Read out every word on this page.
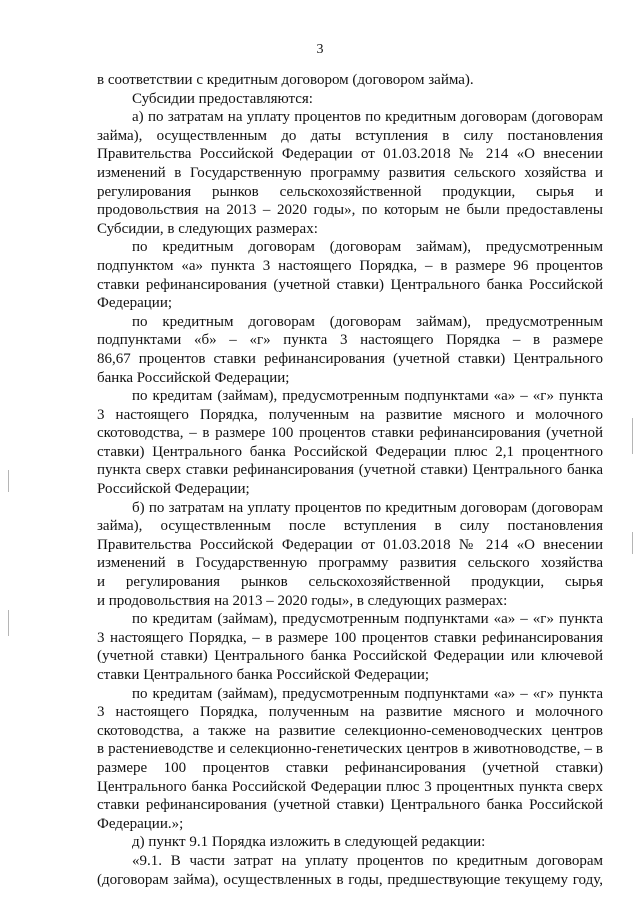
3
в соответствии с кредитным договором (договором займа).
Субсидии предоставляются:
а) по затратам на уплату процентов по кредитным договорам (договорам
займа), осуществленным до даты вступления в силу постановления
Правительства Российской Федерации от 01.03.2018 № 214 «О внесении
изменений в Государственную программу развития сельского хозяйства и
регулирования рынков сельскохозяйственной продукции, сырья и
продовольствия на 2013 – 2020 годы», по которым не были предоставлены
Субсидии, в следующих размерах:
по кредитным договорам (договорам займам), предусмотренным
подпунктом «а» пункта 3 настоящего Порядка, – в размере 96 процентов
ставки рефинансирования (учетной ставки) Центрального банка Российской
Федерации;
по кредитным договорам (договорам займам), предусмотренным
подпунктами «б» – «г» пункта 3 настоящего Порядка – в размере
86,67 процентов ставки рефинансирования (учетной ставки) Центрального
банка Российской Федерации;
по кредитам (займам), предусмотренным подпунктами «а» – «г» пункта
3 настоящего Порядка, полученным на развитие мясного и молочного
скотоводства, – в размере 100 процентов ставки рефинансирования (учетной
ставки) Центрального банка Российской Федерации плюс 2,1 процентного
пункта сверх ставки рефинансирования (учетной ставки) Центрального банка
Российской Федерации;
б) по затратам на уплату процентов по кредитным договорам (договорам
займа), осуществленным после вступления в силу постановления
Правительства Российской Федерации от 01.03.2018 № 214 «О внесении
изменений в Государственную программу развития сельского хозяйства
и регулирования рынков сельскохозяйственной продукции, сырья
и продовольствия на 2013 – 2020 годы», в следующих размерах:
по кредитам (займам), предусмотренным подпунктами «а» – «г» пункта
3 настоящего Порядка, – в размере 100 процентов ставки рефинансирования
(учетной ставки) Центрального банка Российской Федерации или ключевой
ставки Центрального банка Российской Федерации;
по кредитам (займам), предусмотренным подпунктами «а» – «г» пункта
3 настоящего Порядка, полученным на развитие мясного и молочного
скотоводства, а также на развитие селекционно-семеноводческих центров
в растениеводстве и селекционно-генетических центров в животноводстве, – в
размере 100 процентов ставки рефинансирования (учетной ставки)
Центрального банка Российской Федерации плюс 3 процентных пункта сверх
ставки рефинансирования (учетной ставки) Центрального банка Российской
Федерации.»;
д) пункт 9.1 Порядка изложить в следующей редакции:
«9.1. В части затрат на уплату процентов по кредитным договорам
(договорам займа), осуществленных в годы, предшествующие текущему году,
